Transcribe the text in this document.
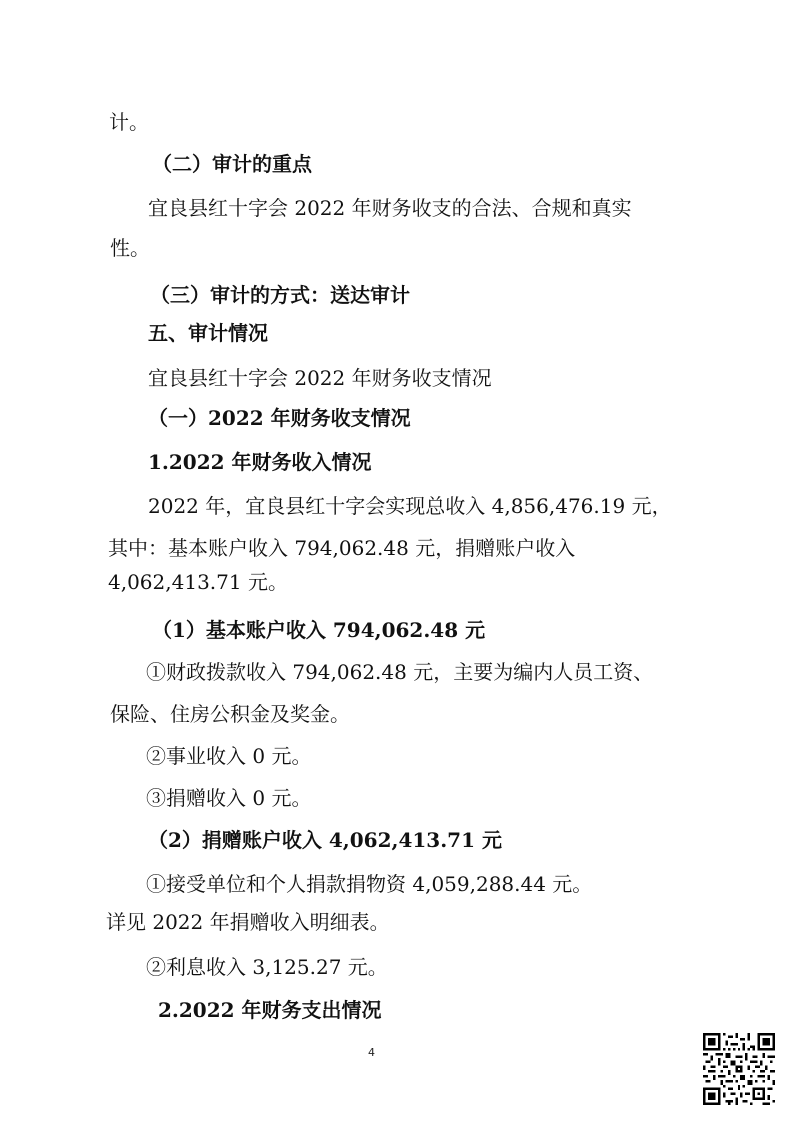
计。
（二）审计的重点
宜良县红十字会 2022 年财务收支的合法、合规和真实
性。
（三）审计的方式：送达审计
五、审计情况
宜良县红十字会 2022 年财务收支情况
（一）2022 年财务收支情况
1.2022 年财务收入情况
2022 年，宜良县红十字会实现总收入 4,856,476.19 元，
其中：基本账户收入 794,062.48 元，捐赠账户收入
4,062,413.71 元。
（1）基本账户收入 794,062.48 元
①财政拨款收入 794,062.48 元，主要为编内人员工资、
保险、住房公积金及奖金。
②事业收入 0 元。
③捐赠收入 0 元。
（2）捐赠账户收入 4,062,413.71 元
①接受单位和个人捐款捐物资 4,059,288.44 元。
详见 2022 年捐赠收入明细表。
②利息收入 3,125.27 元。
2.2022 年财务支出情况
4
